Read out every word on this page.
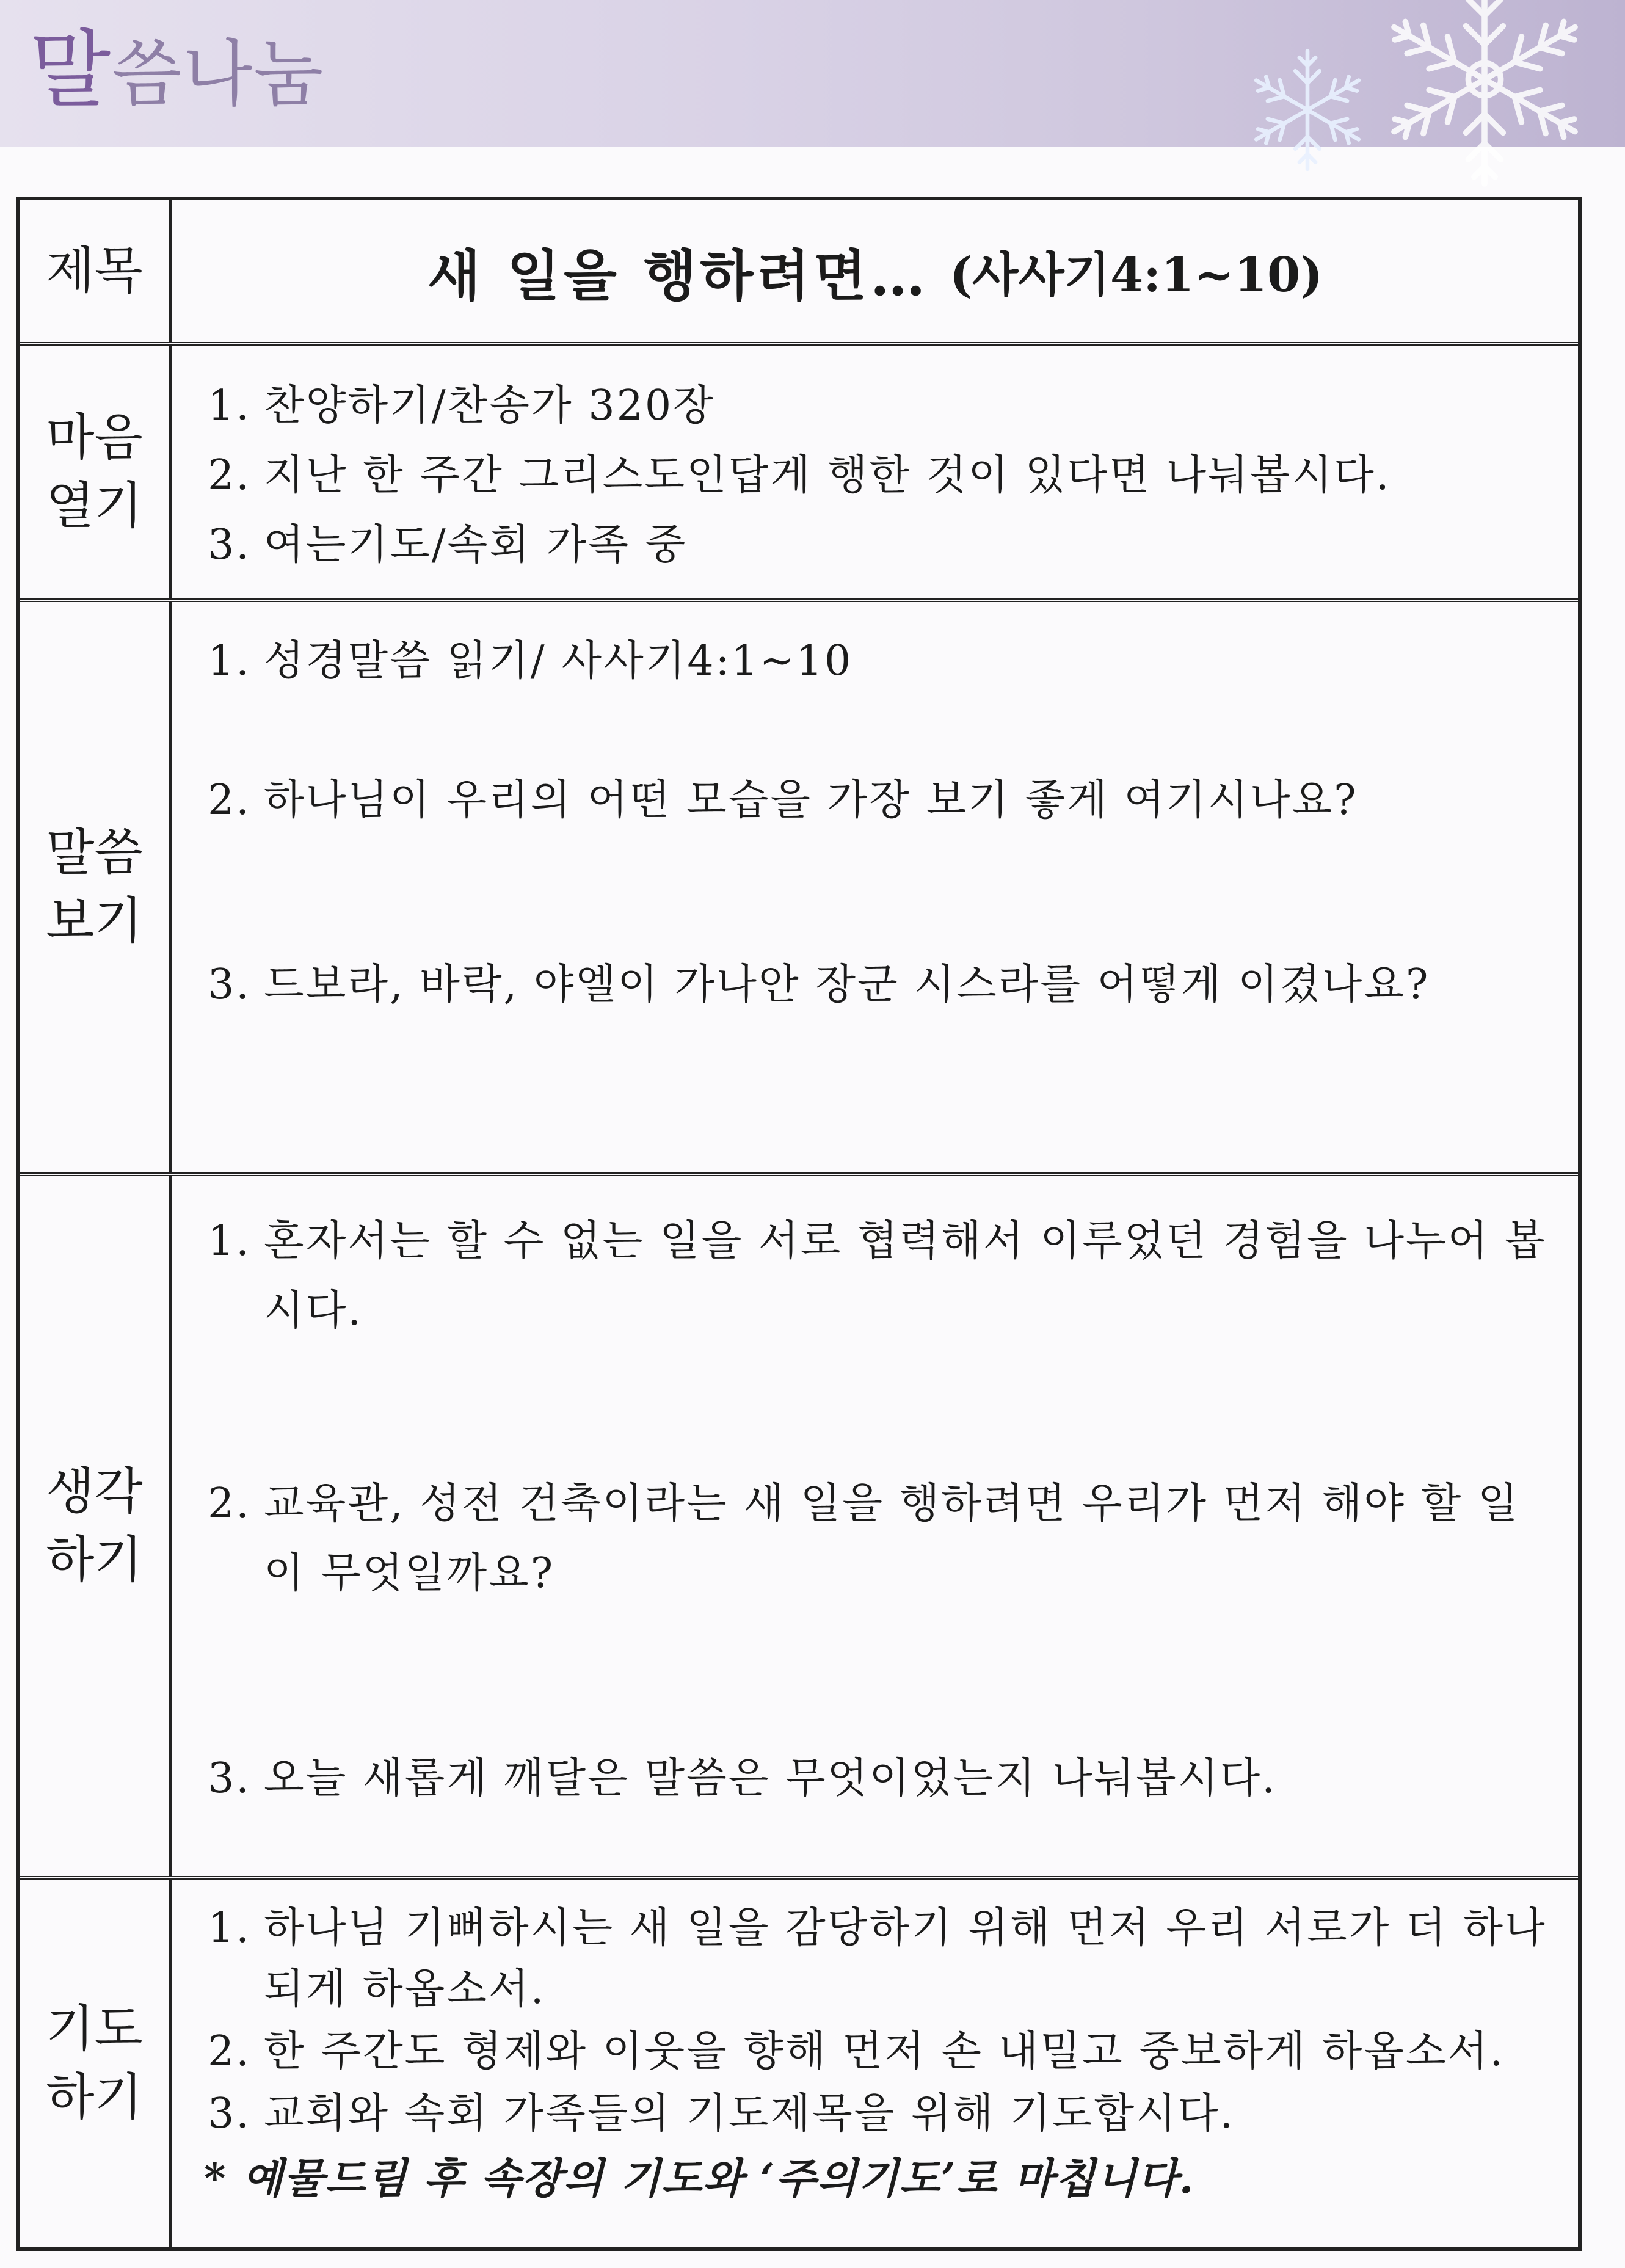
말씀나눔
제목	새 일을 행하려면… (사사기4:1~10)
마음
열기

1. 찬양하기/찬송가 320장

2. 지난 한 주간 그리스도인답게 행한 것이 있다면 나눠봅시다.

3. 여는기도/속회 가족 중

말씀
보기

1. 성경말씀 읽기/ 사사기4:1~10

2. 하나님이 우리의 어떤 모습을 가장 보기 좋게 여기시나요?

3. 드보라, 바락, 야엘이 가나안 장군 시스라를 어떻게 이겼나요?

생각
하기

1. 혼자서는 할 수 없는 일을 서로 협력해서 이루었던 경험을 나누어 봅시다.

2. 교육관, 성전 건축이라는 새 일을 행하려면 우리가 먼저 해야 할 일이 무엇일까요?

3. 오늘 새롭게 깨달은 말씀은 무엇이었는지 나눠봅시다.

기도
하기

1. 하나님 기뻐하시는 새 일을 감당하기 위해 먼저 우리 서로가 더 하나 되게 하옵소서.

2. 한 주간도 형제와 이웃을 향해 먼저 손 내밀고 중보하게 하옵소서.

3. 교회와 속회 가족들의 기도제목을 위해 기도합시다.

* 예물드림 후 속장의 기도와 ‘주의기도’로 마칩니다.
